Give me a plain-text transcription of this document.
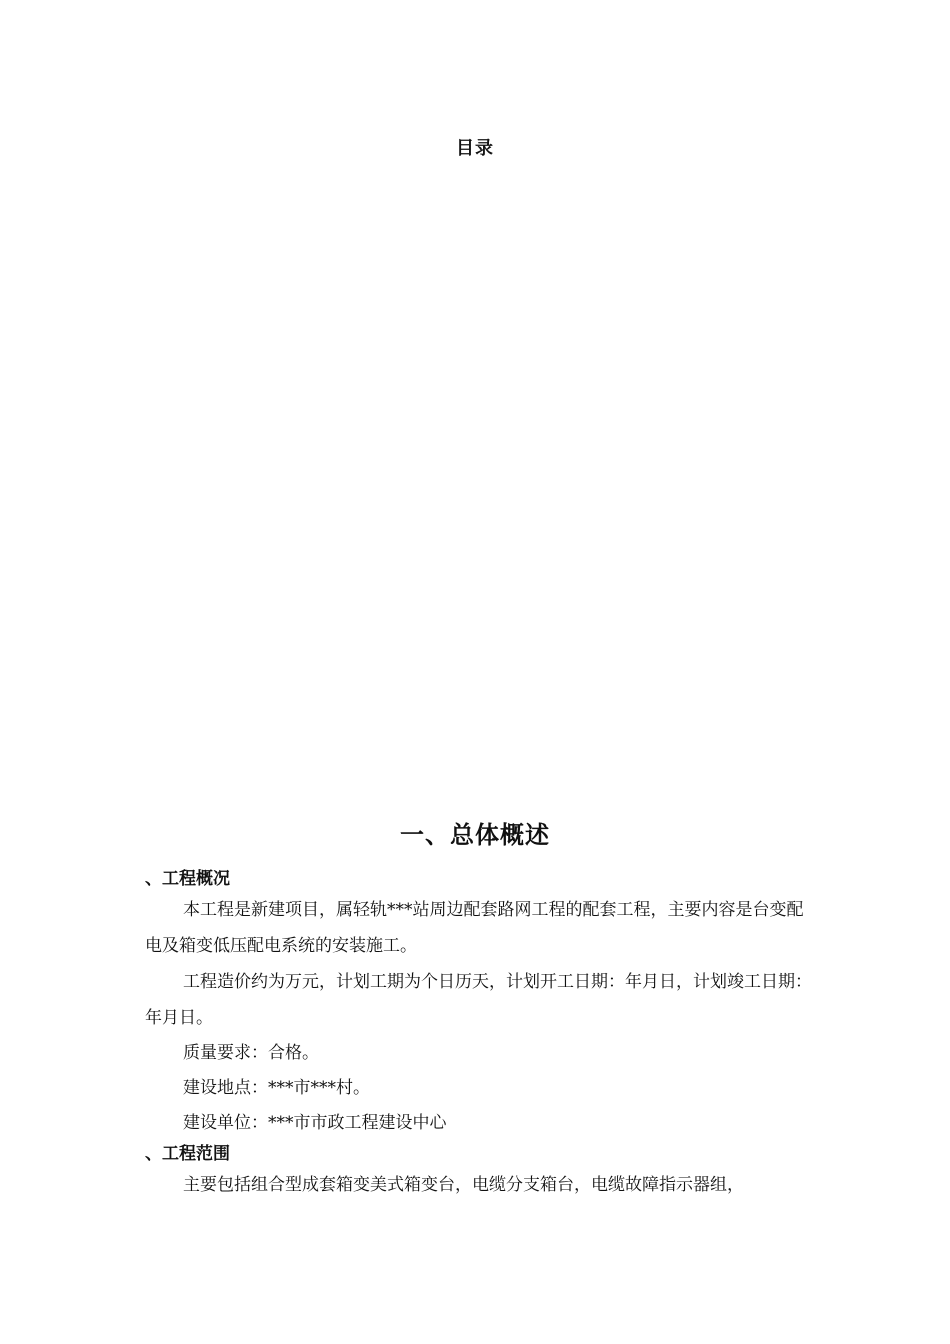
目录
一、总体概述
、工程概况

本工程是新建项目，属轻轨***站周边配套路网工程的配套工程，主要内容是台变配电及箱变低压配电系统的安装施工。

工程造价约为万元，计划工期为个日历天，计划开工日期：年月日，计划竣工日期：年月日。

质量要求：合格。

建设地点：***市***村。

建设单位：***市市政工程建设中心

、工程范围

主要包括组合型成套箱变美式箱变台，电缆分支箱台，电缆故障指示器组，
